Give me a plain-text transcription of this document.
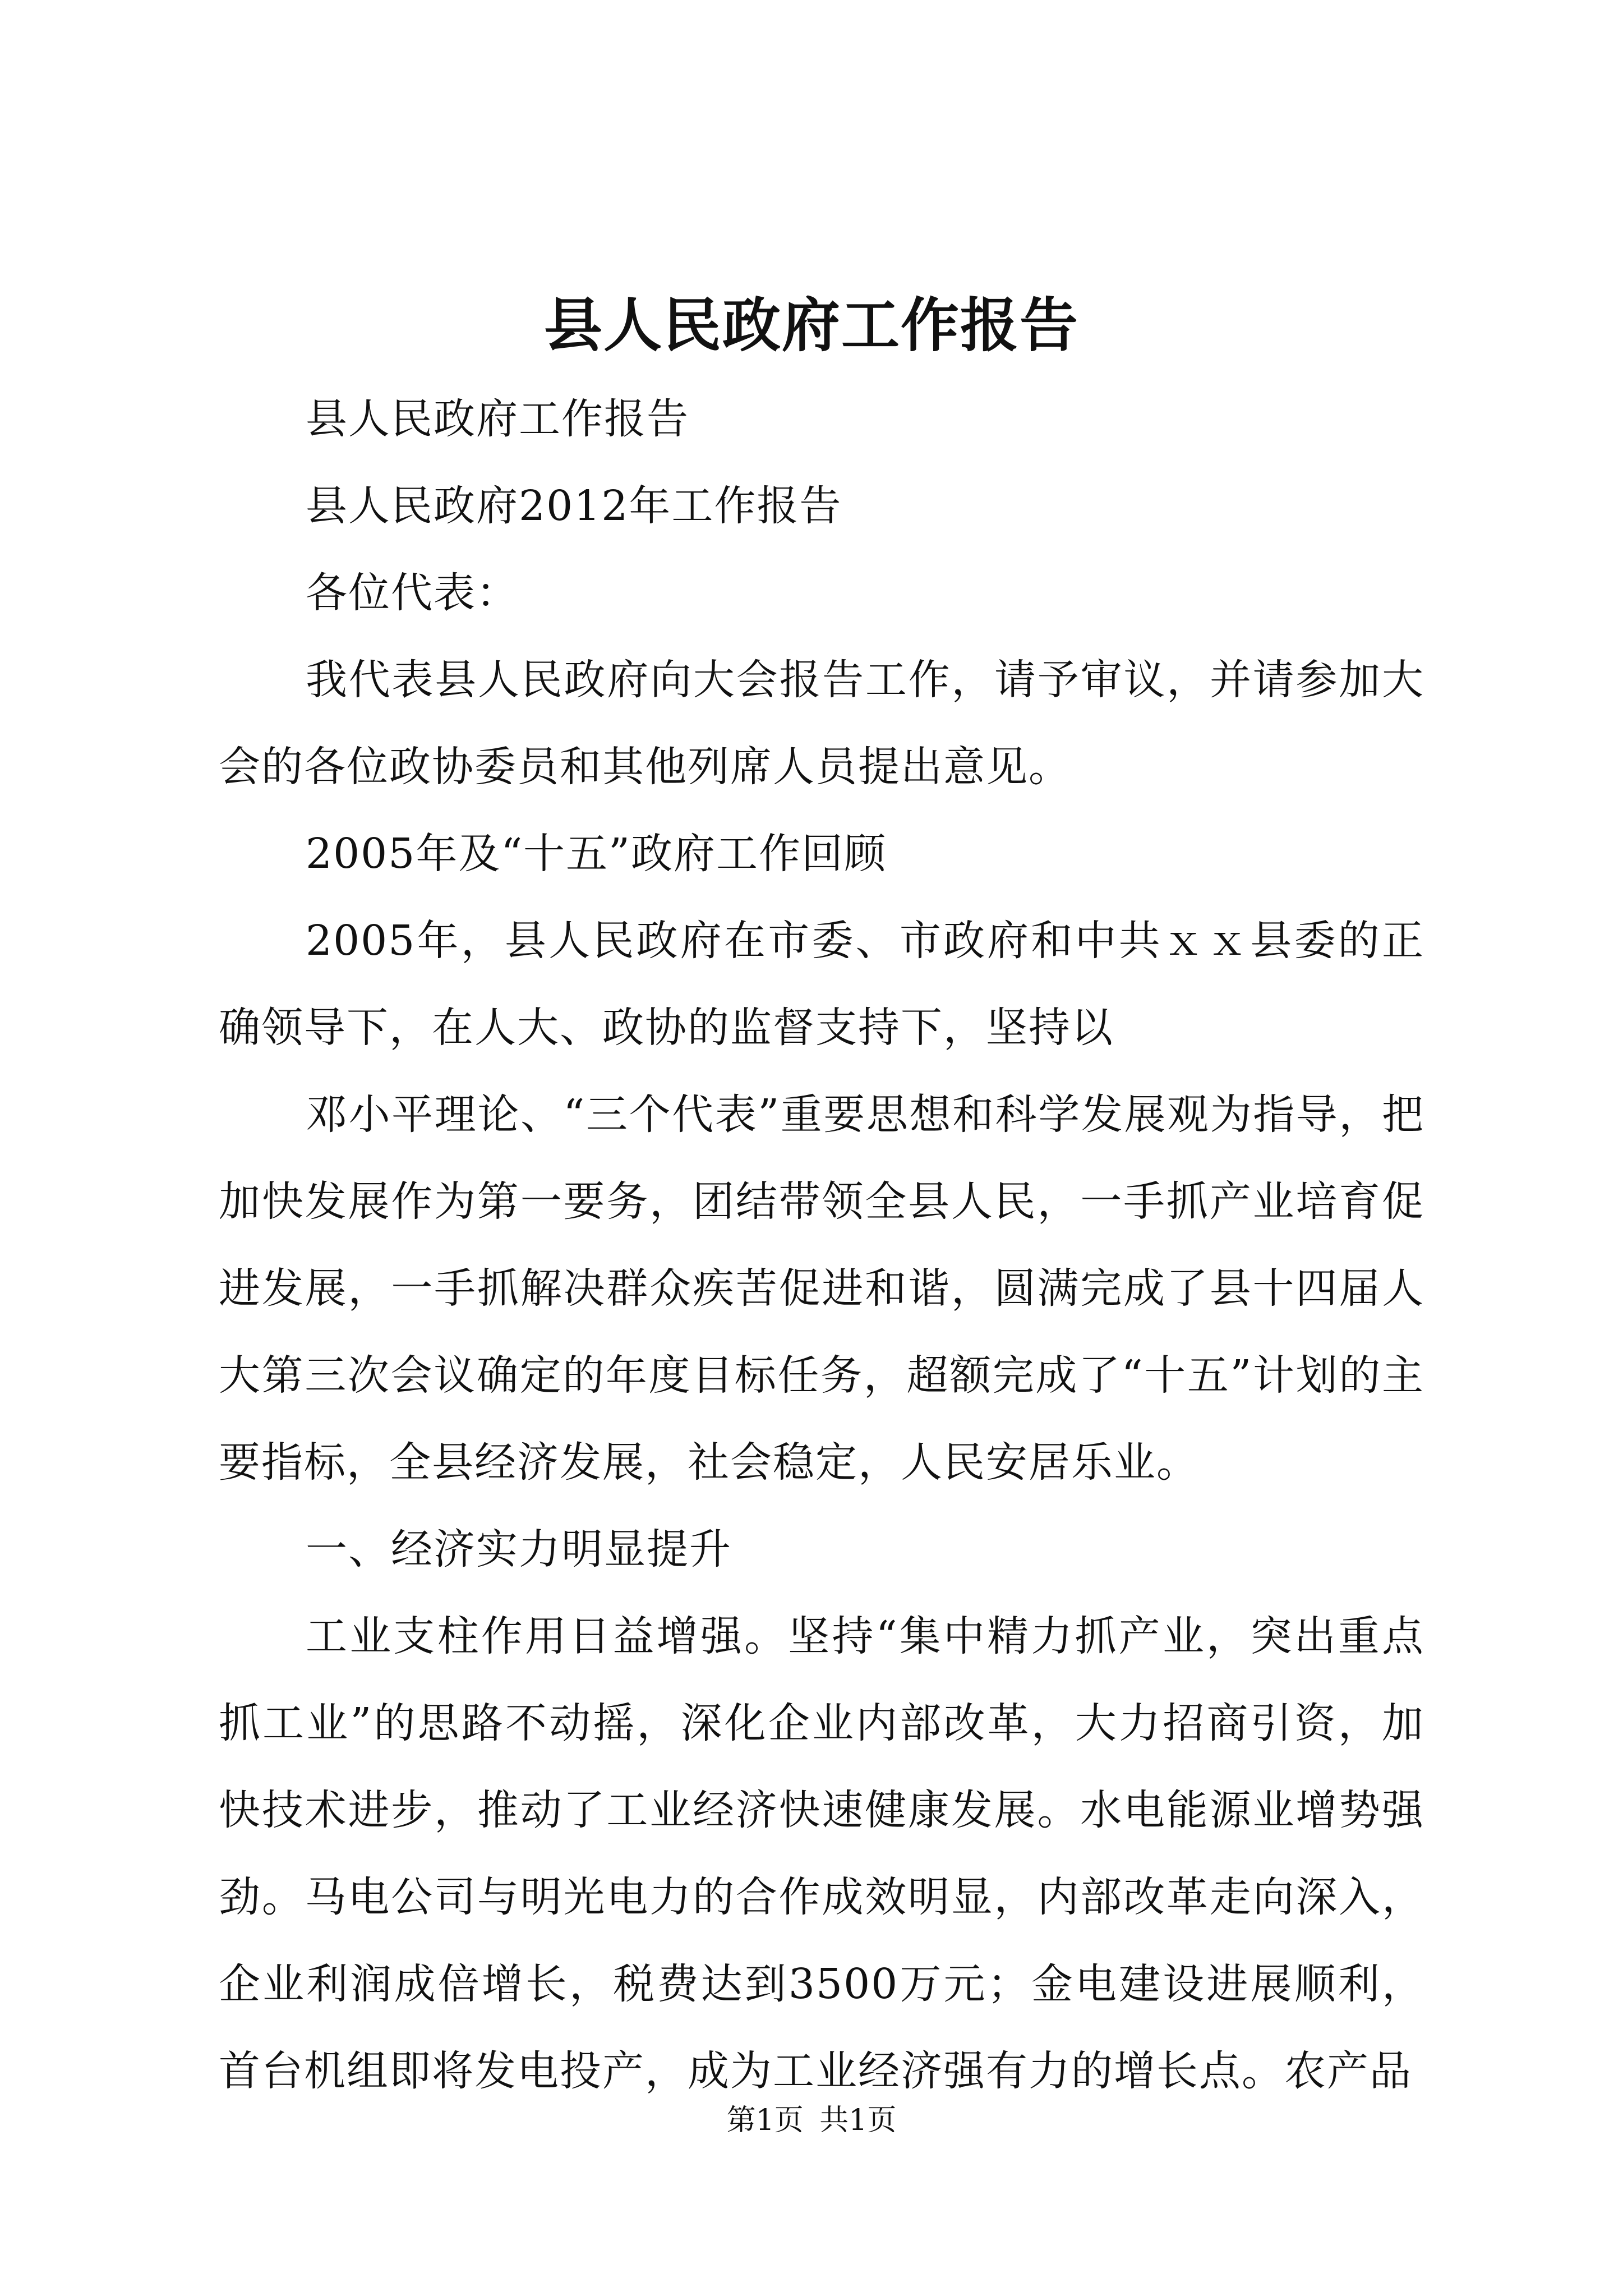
县人民政府工作报告

县人民政府工作报告

县人民政府2012年工作报告

各位代表：

我代表县人民政府向大会报告工作，请予审议，并请参加大会的各位政协委员和其他列席人员提出意见。

2005年及“十五”政府工作回顾

2005年，县人民政府在市委、市政府和中共ｘｘ县委的正确领导下，在人大、政协的监督支持下，坚持以

邓小平理论、“三个代表”重要思想和科学发展观为指导，把加快发展作为第一要务，团结带领全县人民，一手抓产业培育促进发展，一手抓解决群众疾苦促进和谐，圆满完成了县十四届人大第三次会议确定的年度目标任务，超额完成了“十五”计划的主要指标，全县经济发展，社会稳定，人民安居乐业。

一、经济实力明显提升

工业支柱作用日益增强。坚持“集中精力抓产业，突出重点抓工业”的思路不动摇，深化企业内部改革，大力招商引资，加快技术进步，推动了工业经济快速健康发展。水电能源业增势强劲。马电公司与明光电力的合作成效明显，内部改革走向深入，企业利润成倍增长，税费达到3500万元；金电建设进展顺利，首台机组即将发电投产，成为工业经济强有力的增长点。农产品

第1页 共1页
